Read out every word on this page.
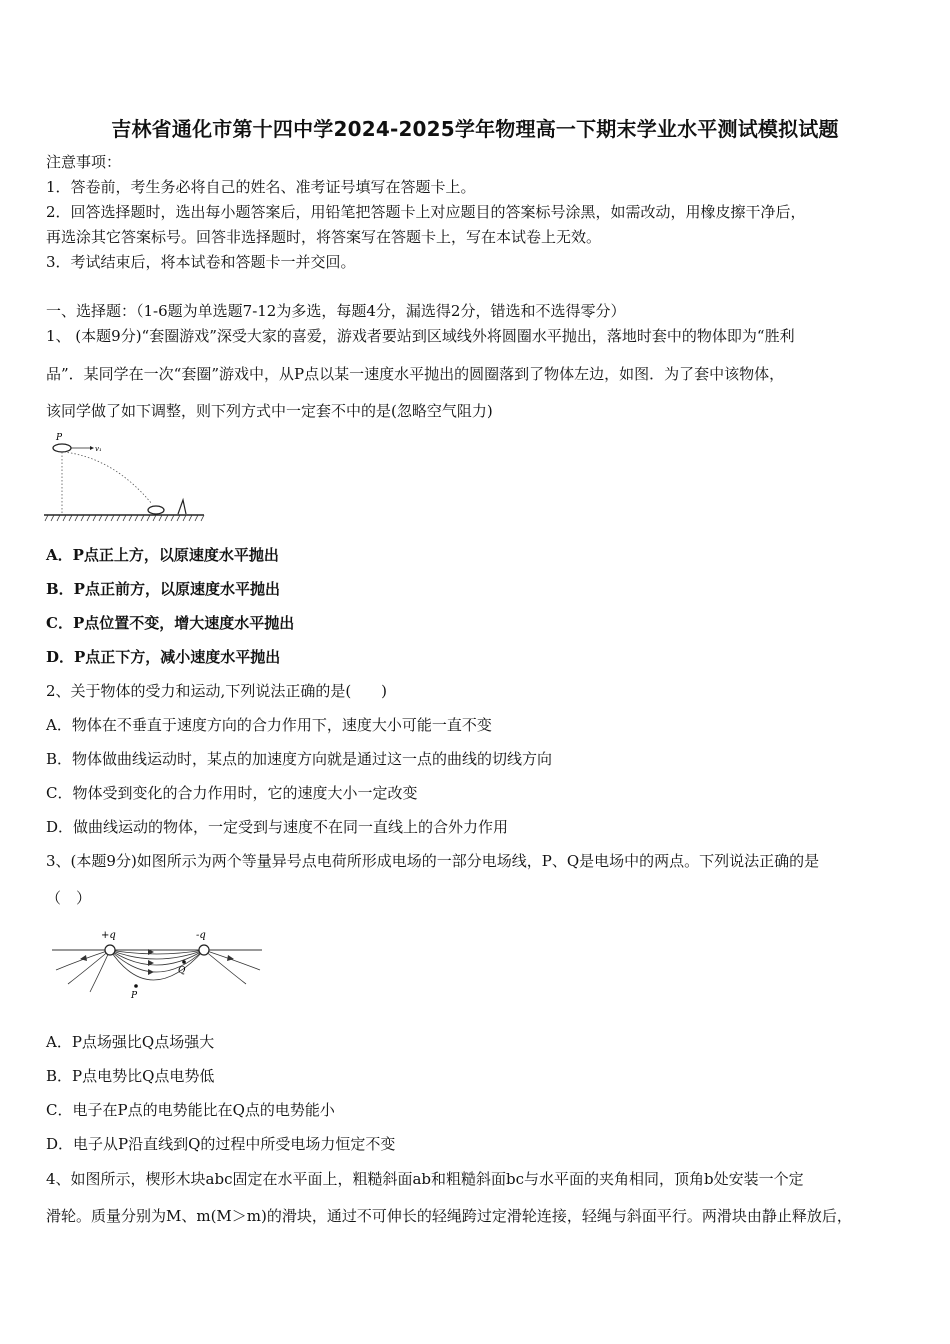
吉林省通化市第十四中学2024-2025学年物理高一下期末学业水平测试模拟试题
注意事项：
1．答卷前，考生务必将自己的姓名、准考证号填写在答题卡上。
2．回答选择题时，选出每小题答案后，用铅笔把答题卡上对应题目的答案标号涂黑，如需改动，用橡皮擦干净后，
再选涂其它答案标号。回答非选择题时，将答案写在答题卡上，写在本试卷上无效。
3．考试结束后，将本试卷和答题卡一并交回。
一、选择题：（1-6题为单选题7-12为多选，每题4分，漏选得2分，错选和不选得零分）
1、 (本题9分)“套圈游戏”深受大家的喜爱，游戏者要站到区域线外将圆圈水平抛出，落地时套中的物体即为“胜利
品”．某同学在一次“套圈”游戏中，从P点以某一速度水平抛出的圆圈落到了物体左边，如图．为了套中该物体，
该同学做了如下调整，则下列方式中一定套不中的是(忽略空气阻力)
P
v₁
A．P点正上方，以原速度水平抛出
B．P点正前方，以原速度水平抛出
C．P点位置不变，增大速度水平抛出
D．P点正下方，减小速度水平抛出
2、关于物体的受力和运动,下列说法正确的是(　　)
A．物体在不垂直于速度方向的合力作用下，速度大小可能一直不变
B．物体做曲线运动时，某点的加速度方向就是通过这一点的曲线的切线方向
C．物体受到变化的合力作用时，它的速度大小一定改变
D．做曲线运动的物体，一定受到与速度不在同一直线上的合外力作用
3、(本题9分)如图所示为两个等量异号点电荷所形成电场的一部分电场线，P、Q是电场中的两点。下列说法正确的是
（　）
+q	-q
P
Q
A．P点场强比Q点场强大
B．P点电势比Q点电势低
C．电子在P点的电势能比在Q点的电势能小
D．电子从P沿直线到Q的过程中所受电场力恒定不变
4、如图所示，楔形木块abc固定在水平面上，粗糙斜面ab和粗糙斜面bc与水平面的夹角相同，顶角b处安装一个定
滑轮。质量分别为M、m(M＞m)的滑块，通过不可伸长的轻绳跨过定滑轮连接，轻绳与斜面平行。两滑块由静止释放后，
